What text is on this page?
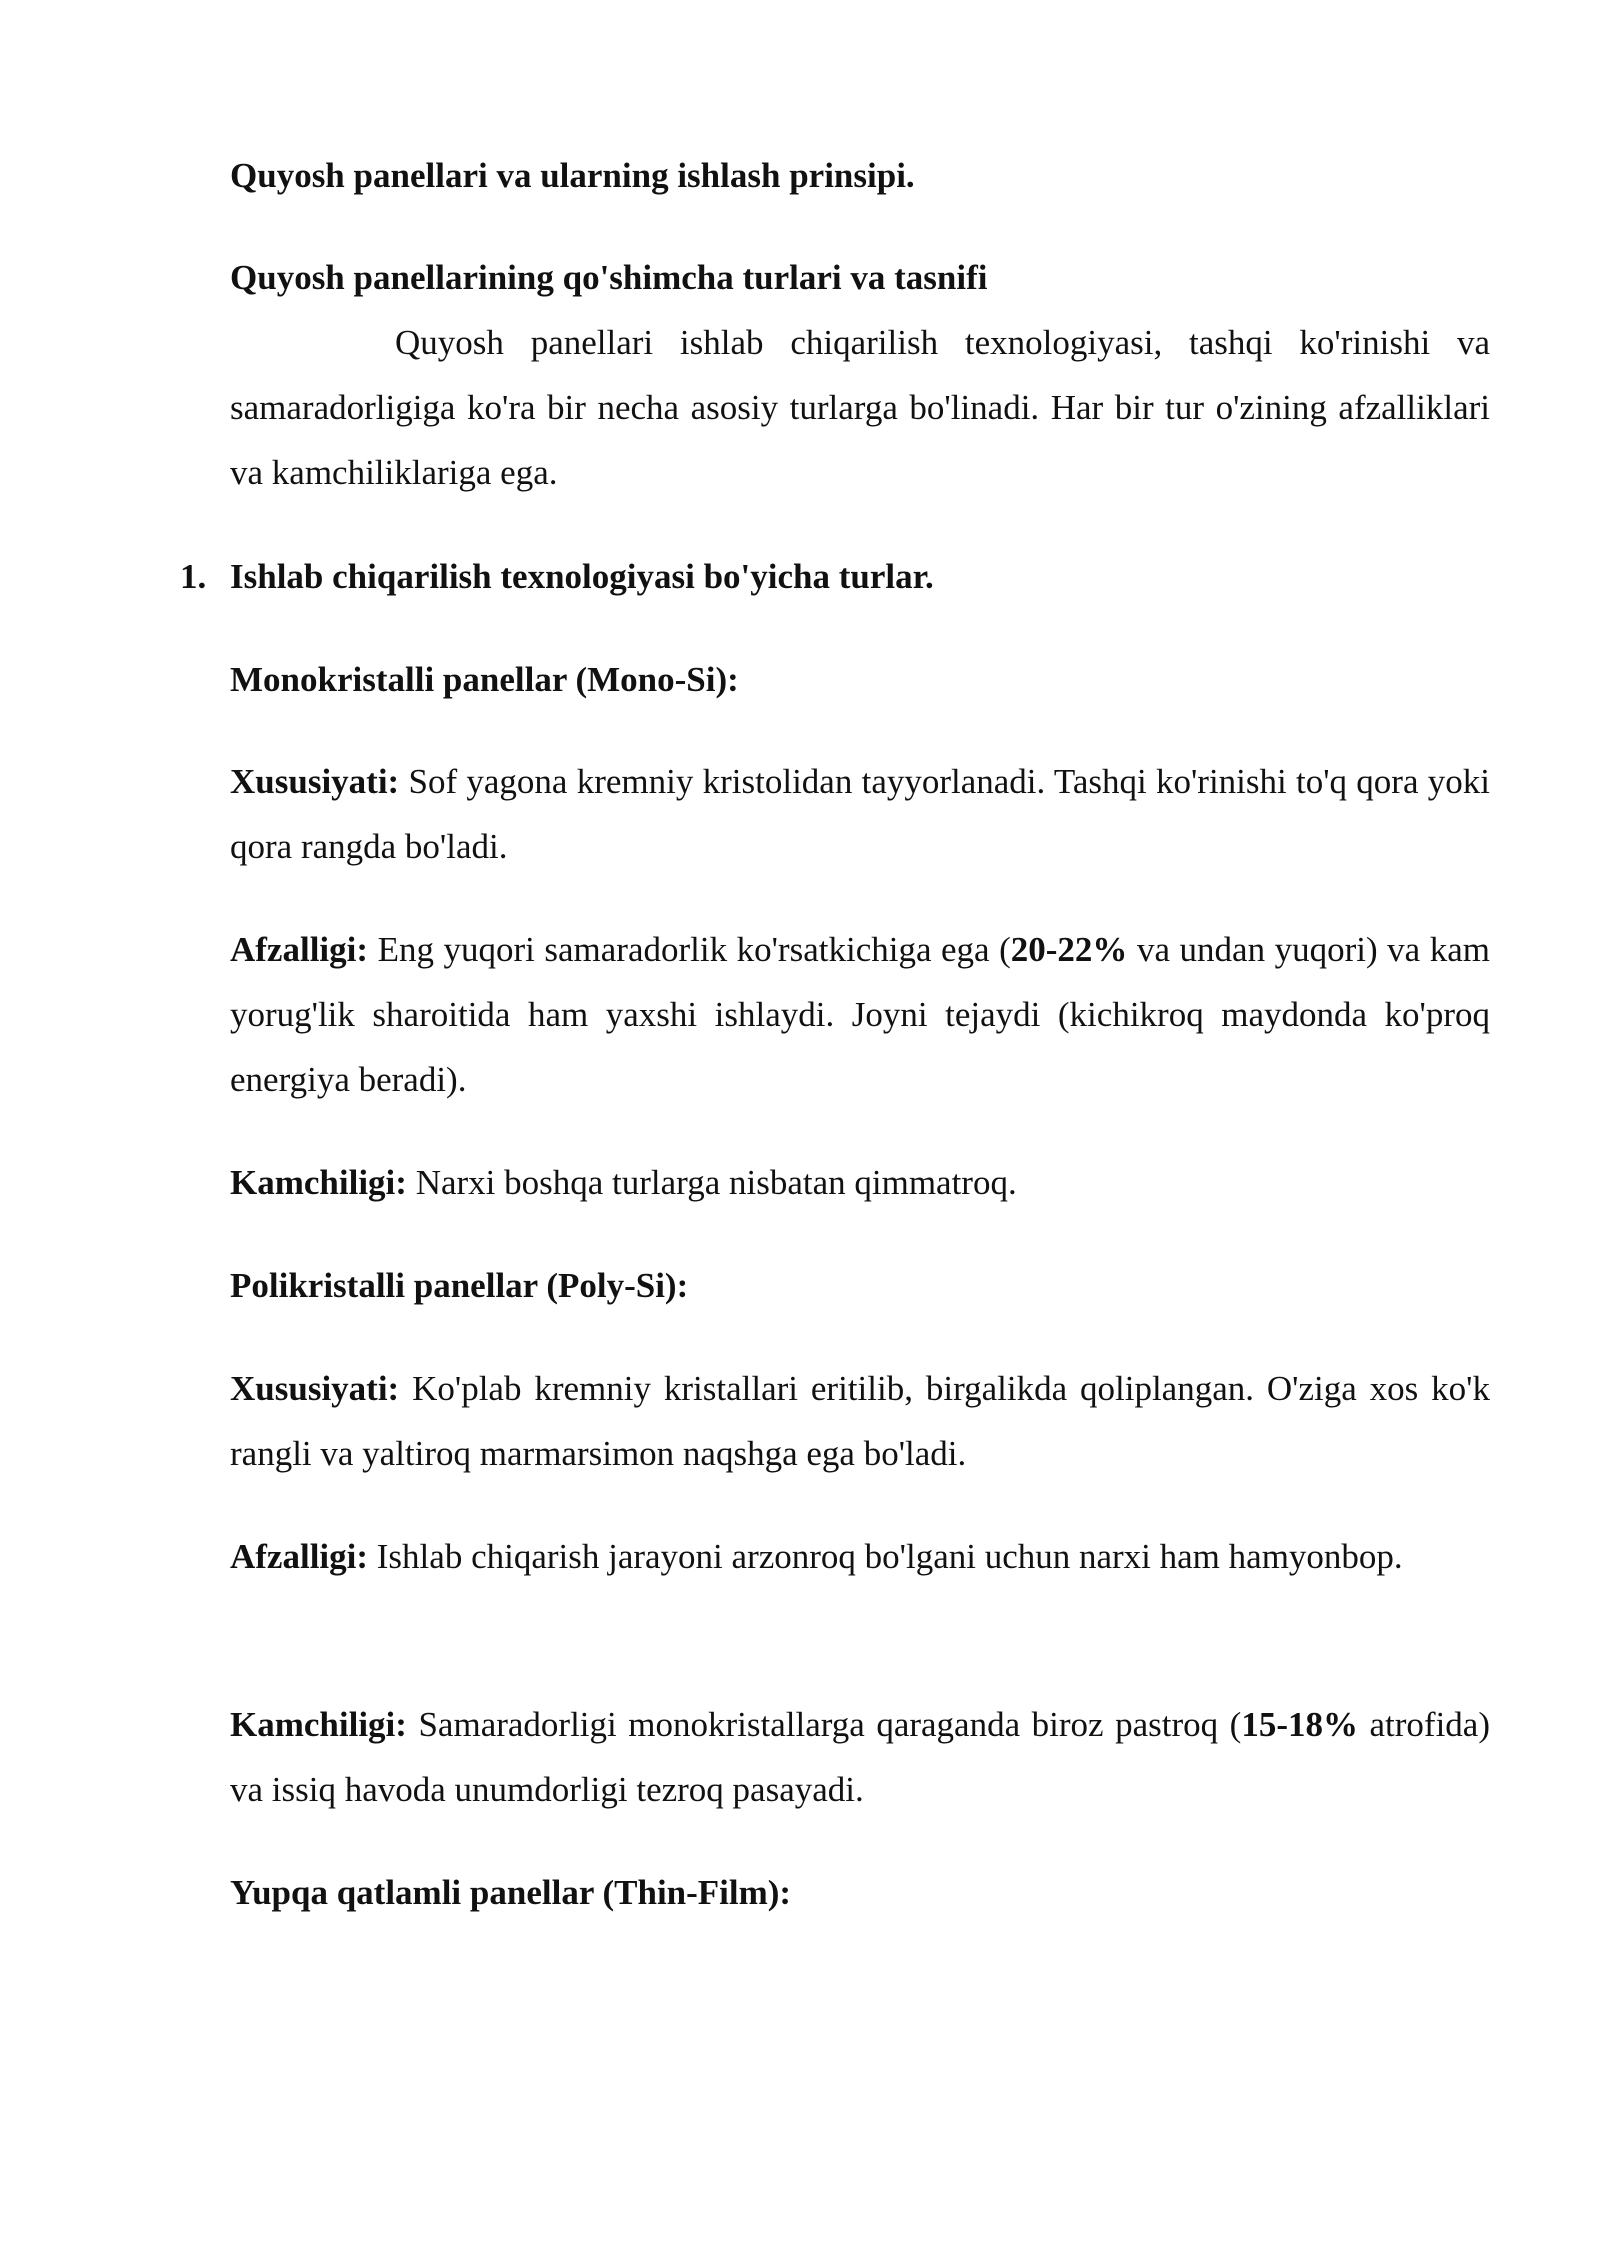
Quyosh panellari va ularning ishlash prinsipi.

Quyosh panellarining qo'shimcha turlari va tasnifi

Quyosh panellari ishlab chiqarilish texnologiyasi, tashqi ko'rinishi va samaradorligiga ko'ra bir necha asosiy turlarga bo'linadi. Har bir tur o'zining afzalliklari va kamchiliklariga ega.

1. Ishlab chiqarilish texnologiyasi bo'yicha turlar.

Monokristalli panellar (Mono-Si):

Xususiyati: Sof yagona kremniy kristolidan tayyorlanadi. Tashqi ko'rinishi to'q qora yoki qora rangda bo'ladi.

Afzalligi: Eng yuqori samaradorlik ko'rsatkichiga ega (20-22% va undan yuqori) va kam yorug'lik sharoitida ham yaxshi ishlaydi. Joyni tejaydi (kichikroq maydonda ko'proq energiya beradi).

Kamchiligi: Narxi boshqa turlarga nisbatan qimmatroq.

Polikristalli panellar (Poly-Si):

Xususiyati: Ko'plab kremniy kristallari eritilib, birgalikda qoliplangan. O'ziga xos ko'k rangli va yaltiroq marmarsimon naqshga ega bo'ladi.

Afzalligi: Ishlab chiqarish jarayoni arzonroq bo'lgani uchun narxi ham hamyonbop.

Kamchiligi: Samaradorligi monokristallarga qaraganda biroz pastroq (15-18% atrofida) va issiq havoda unumdorligi tezroq pasayadi.

Yupqa qatlamli panellar (Thin-Film):
